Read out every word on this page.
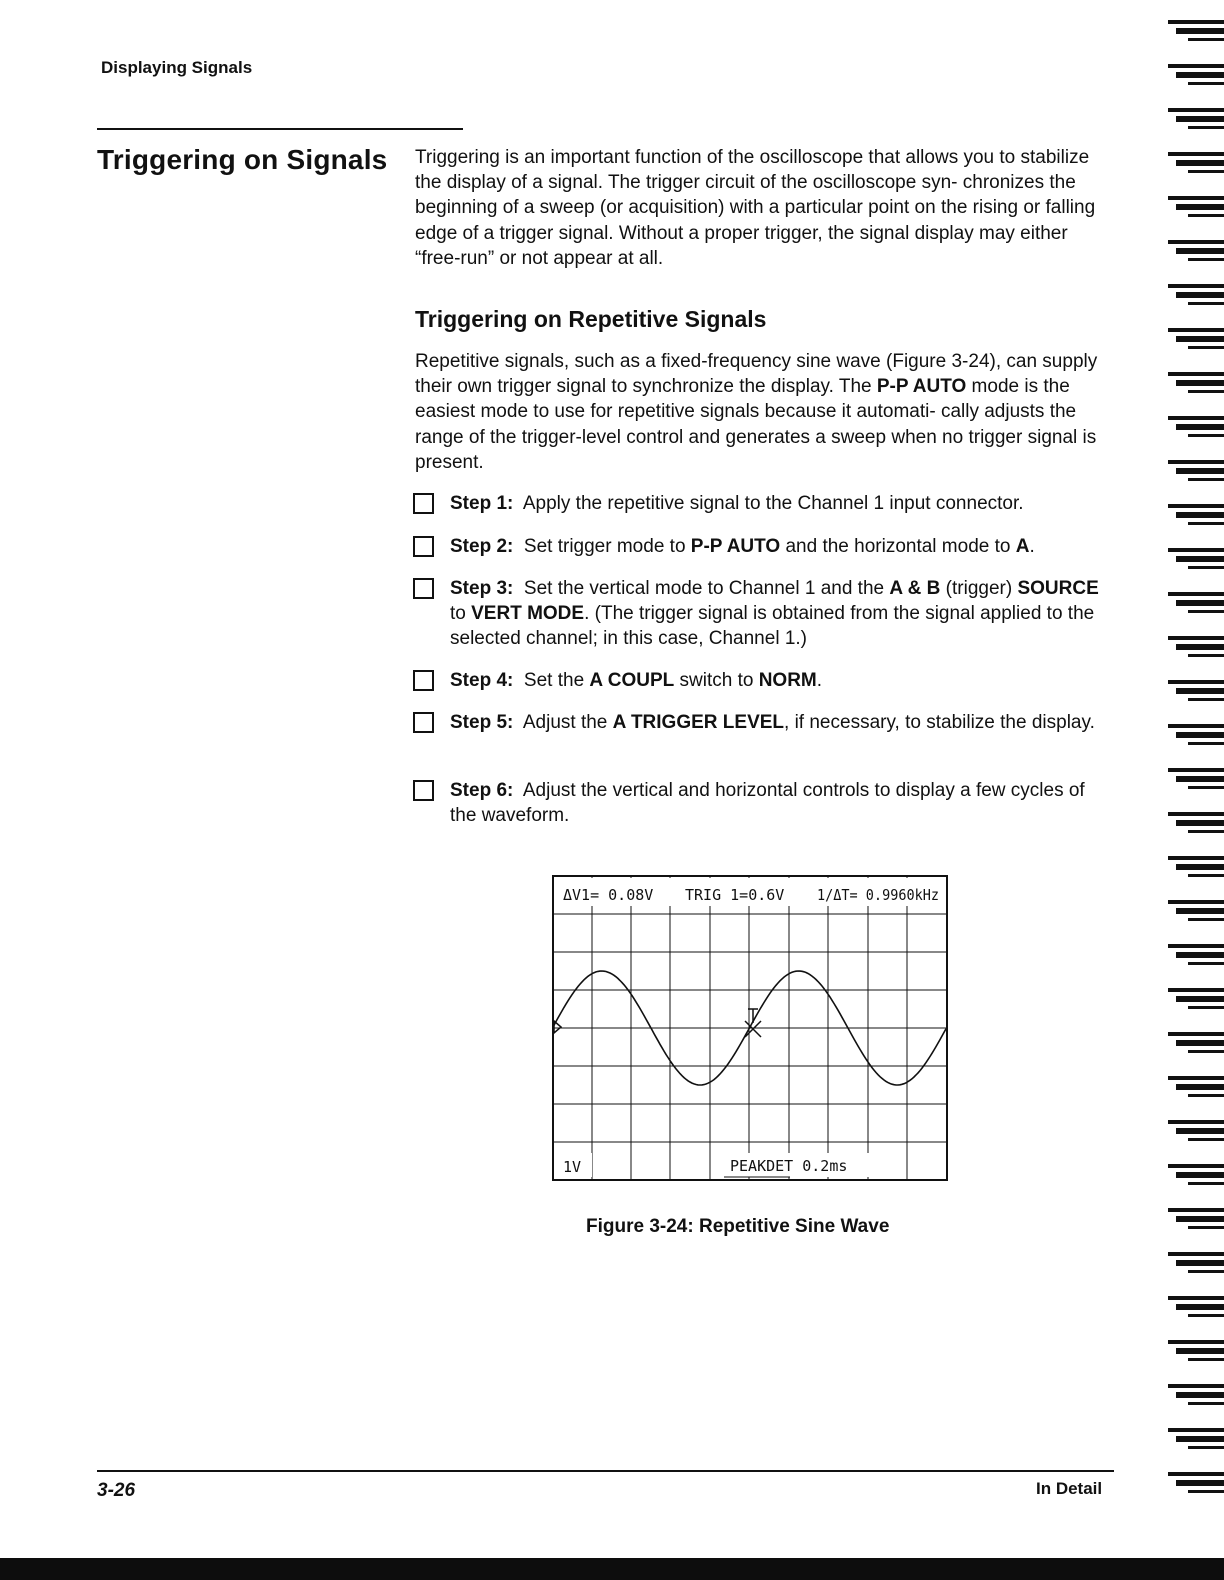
Displaying Signals
Triggering on Signals Triggering is an important function of the oscilloscope that allows you to stabilize the display of a signal. The trigger circuit of the oscilloscope syn- chronizes the beginning of a sweep (or acquisition) with a particular point on the rising or falling edge of a trigger signal. Without a proper trigger, the signal display may either “free-run” or not appear at all.
Triggering on Repetitive Signals
Repetitive signals, such as a fixed-frequency sine wave (Figure 3-24), can supply their own trigger signal to synchronize the display. The P-P AUTO mode is the easiest mode to use for repetitive signals because it automati- cally adjusts the range of the trigger-level control and generates a sweep when no trigger signal is present.
Step 1: Apply the repetitive signal to the Channel 1 input connector.
Step 2: Set trigger mode to P-P AUTO and the horizontal mode to A.
Step 3: Set the vertical mode to Channel 1 and the A & B (trigger) SOURCE to VERT MODE. (The trigger signal is obtained from the signal applied to the selected channel; in this case, Channel 1.)
Step 4: Set the A COUPL switch to NORM.
Step 5: Adjust the A TRIGGER LEVEL, if necessary, to stabilize the display.
Step 6: Adjust the vertical and horizontal controls to display a few cycles of the waveform.
ΔV1= 0.08V TRIG 1=0.6V 1/ΔT= 0.9960kHz
1V	PEAKDET 0.2ms
Figure 3-24: Repetitive Sine Wave
3-26	In Detail
